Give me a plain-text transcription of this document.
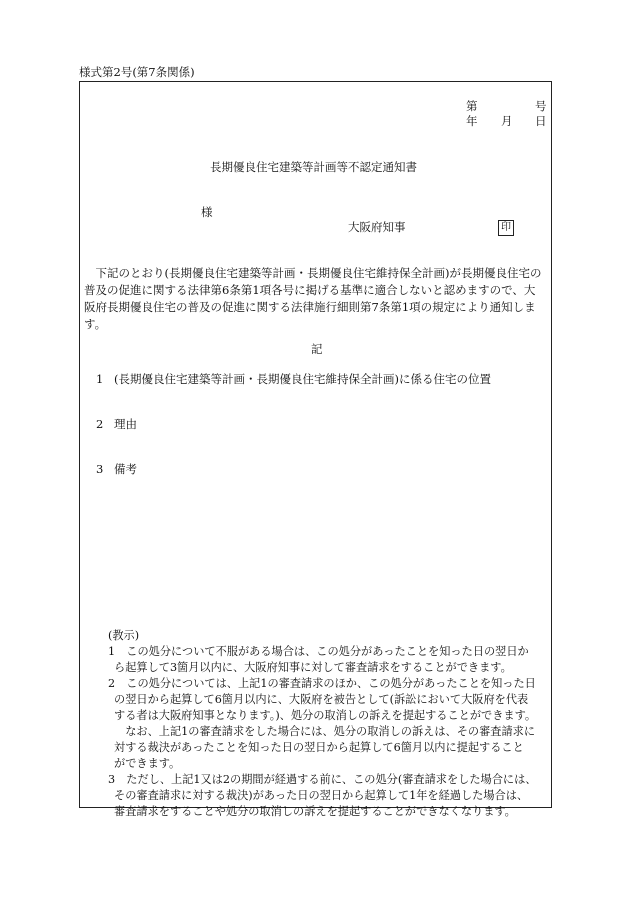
様式第2号(第7条関係)
第	号
年 月 日
長期優良住宅建築等計画等不認定通知書
様
大阪府知事	印
下記のとおり(長期優良住宅建築等計画・長期優良住宅維持保全計画)が長期優良住宅の普及の促進に関する法律第6条第1項各号に掲げる基準に適合しないと認めますので、大阪府長期優良住宅の普及の促進に関する法律施行細則第7条第1項の規定により通知します。
記
1 (長期優良住宅建築等計画・長期優良住宅維持保全計画)に係る住宅の位置
2 理由
3 備考
(教示)
1　この処分について不服がある場合は、この処分があったことを知った日の翌日か
ら起算して3箇月以内に、大阪府知事に対して審査請求をすることができます。
2　この処分については、上記1の審査請求のほか、この処分があったことを知った日
の翌日から起算して6箇月以内に、大阪府を被告として(訴訟において大阪府を代表
する者は大阪府知事となります。)、処分の取消しの訴えを提起することができます。
　なお、上記1の審査請求をした場合には、処分の取消しの訴えは、その審査請求に
対する裁決があったことを知った日の翌日から起算して6箇月以内に提起すること
ができます。
3　ただし、上記1又は2の期間が経過する前に、この処分(審査請求をした場合には、
その審査請求に対する裁決)があった日の翌日から起算して1年を経過した場合は、
審査請求をすることや処分の取消しの訴えを提起することができなくなります。
